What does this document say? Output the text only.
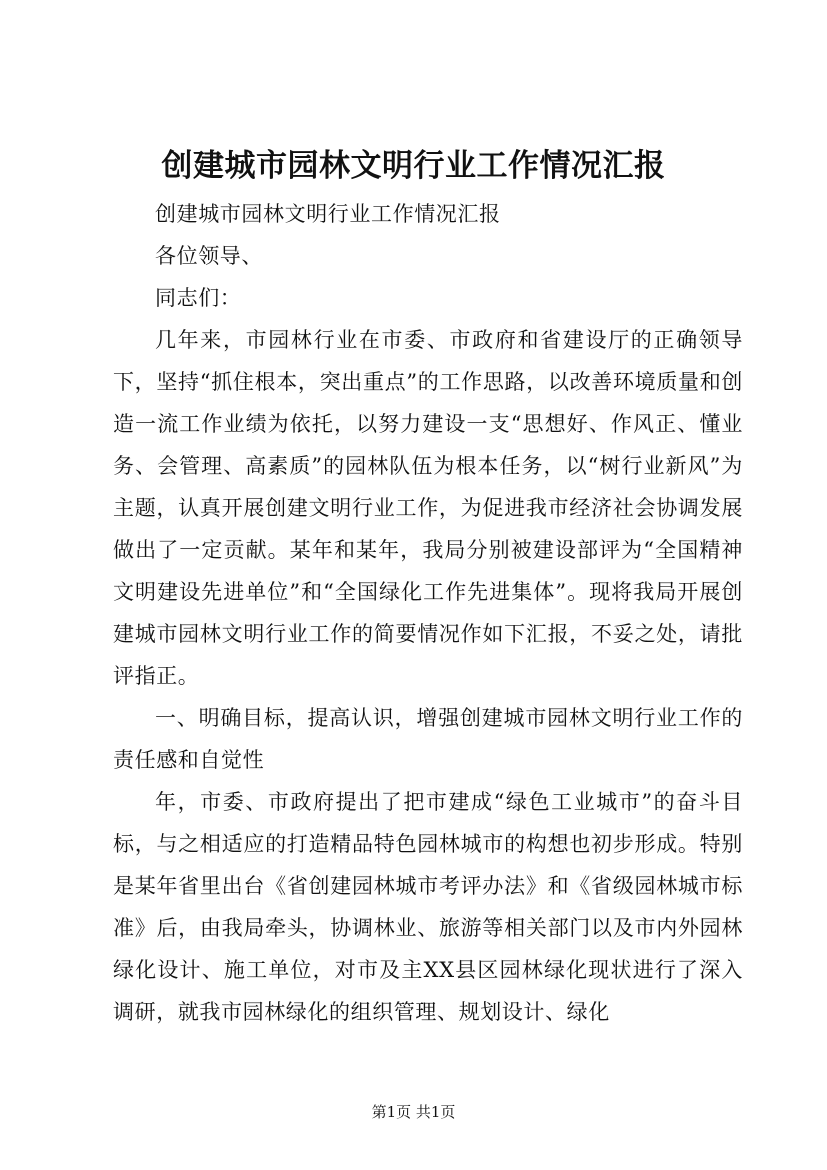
创建城市园林文明行业工作情况汇报

创建城市园林文明行业工作情况汇报

各位领导、

同志们：

几年来，市园林行业在市委、市政府和省建设厅的正确领导下，坚持“抓住根本，突出重点”的工作思路，以改善环境质量和创造一流工作业绩为依托，以努力建设一支“思想好、作风正、懂业务、会管理、高素质”的园林队伍为根本任务，以“树行业新风”为主题，认真开展创建文明行业工作，为促进我市经济社会协调发展做出了一定贡献。某年和某年，我局分别被建设部评为“全国精神文明建设先进单位”和“全国绿化工作先进集体”。现将我局开展创建城市园林文明行业工作的简要情况作如下汇报，不妥之处，请批评指正。

一、明确目标，提高认识，增强创建城市园林文明行业工作的责任感和自觉性

年，市委、市政府提出了把市建成“绿色工业城市”的奋斗目标，与之相适应的打造精品特色园林城市的构想也初步形成。特别是某年省里出台《省创建园林城市考评办法》和《省级园林城市标准》后，由我局牵头，协调林业、旅游等相关部门以及市内外园林绿化设计、施工单位，对市及主XX县区园林绿化现状进行了深入调研，就我市园林绿化的组织管理、规划设计、绿化

第1页 共1页
